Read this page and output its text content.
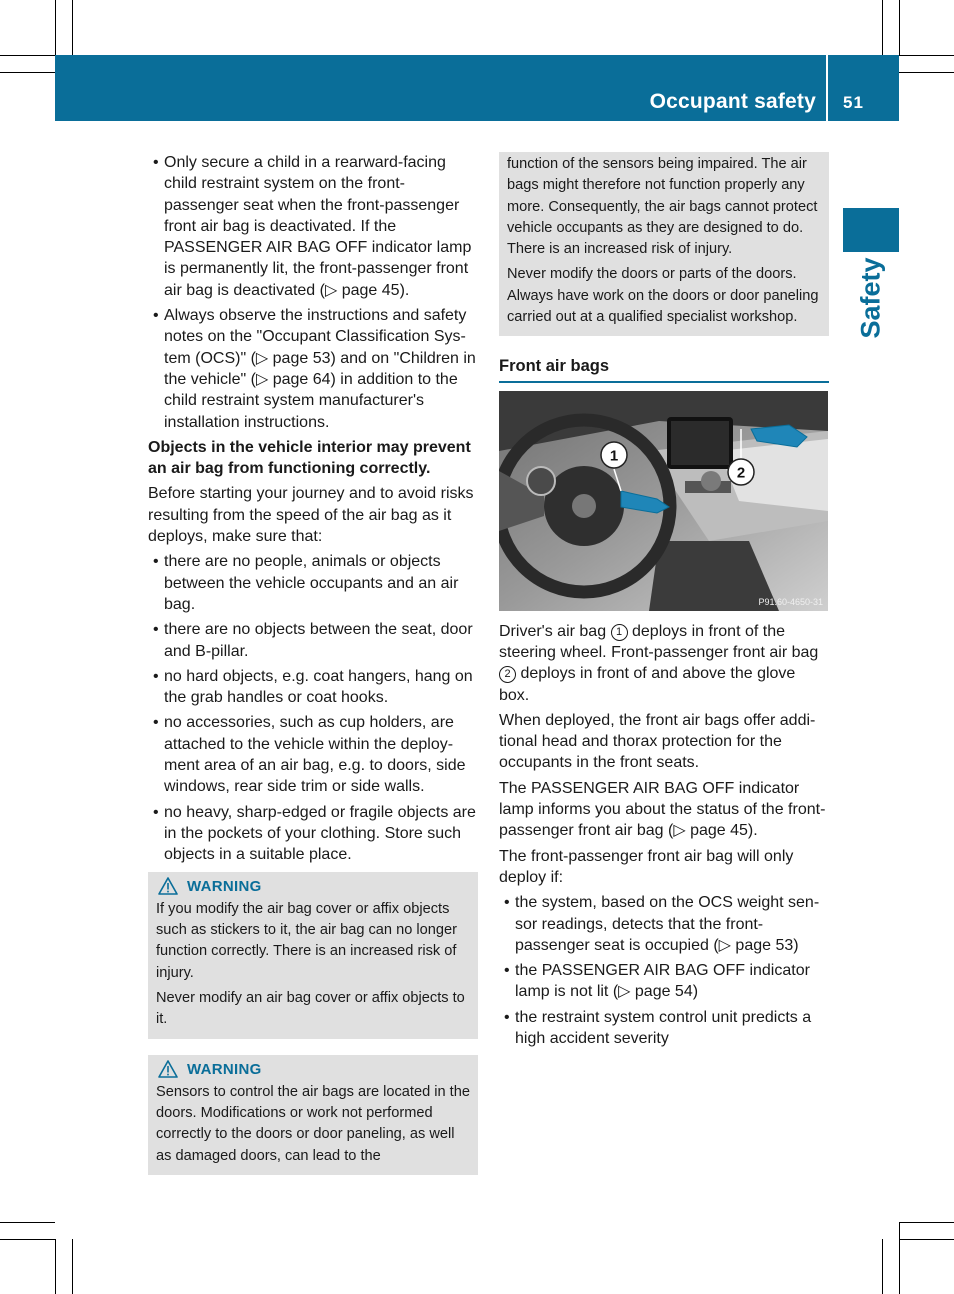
Occupant safety 51
Safety
• Only secure a child in a rearward-facing child restraint system on the front-passenger seat when the front-passenger front air bag is deactivated. If the PASSENGER AIR BAG OFF indicator lamp is permanently lit, the front-passenger front air bag is deactivated (▷ page 45).
• Always observe the instructions and safety notes on the "Occupant Classification System (OCS)" (▷ page 53) and on "Children in the vehicle" (▷ page 64) in addition to the child restraint system manufacturer's installation instructions.

Objects in the vehicle interior may prevent an air bag from functioning correctly.

Before starting your journey and to avoid risks resulting from the speed of the air bag as it deploys, make sure that:

• there are no people, animals or objects between the vehicle occupants and an air bag.
• there are no objects between the seat, door and B-pillar.
• no hard objects, e.g. coat hangers, hang on the grab handles or coat hooks.
• no accessories, such as cup holders, are attached to the vehicle within the deployment area of an air bag, e.g. to doors, side windows, rear side trim or side walls.
• no heavy, sharp-edged or fragile objects are in the pockets of your clothing. Store such objects in a suitable place.
WARNING

If you modify the air bag cover or affix objects such as stickers to it, the air bag can no longer function correctly. There is an increased risk of injury.

Never modify an air bag cover or affix objects to it.

WARNING

Sensors to control the air bags are located in the doors. Modifications or work not performed correctly to the doors or door paneling, as well as damaged doors, can lead to the

function of the sensors being impaired. The air bags might therefore not function properly any more. Consequently, the air bags cannot protect vehicle occupants as they are designed to do. There is an increased risk of injury.

Never modify the doors or parts of the doors. Always have work on the doors or door paneling carried out at a qualified specialist workshop.

Front air bags
1
2
P91.60-4650-31

Driver's air bag 1 deploys in front of the steering wheel. Front-passenger front air bag 2 deploys in front of and above the glove box.

When deployed, the front air bags offer additional head and thorax protection for the occupants in the front seats.

The PASSENGER AIR BAG OFF indicator lamp informs you about the status of the front-passenger front air bag (▷ page 45).

The front-passenger front air bag will only deploy if:

• the system, based on the OCS weight sensor readings, detects that the front-passenger seat is occupied (▷ page 53)
• the PASSENGER AIR BAG OFF indicator lamp is not lit (▷ page 54)
• the restraint system control unit predicts a high accident severity
